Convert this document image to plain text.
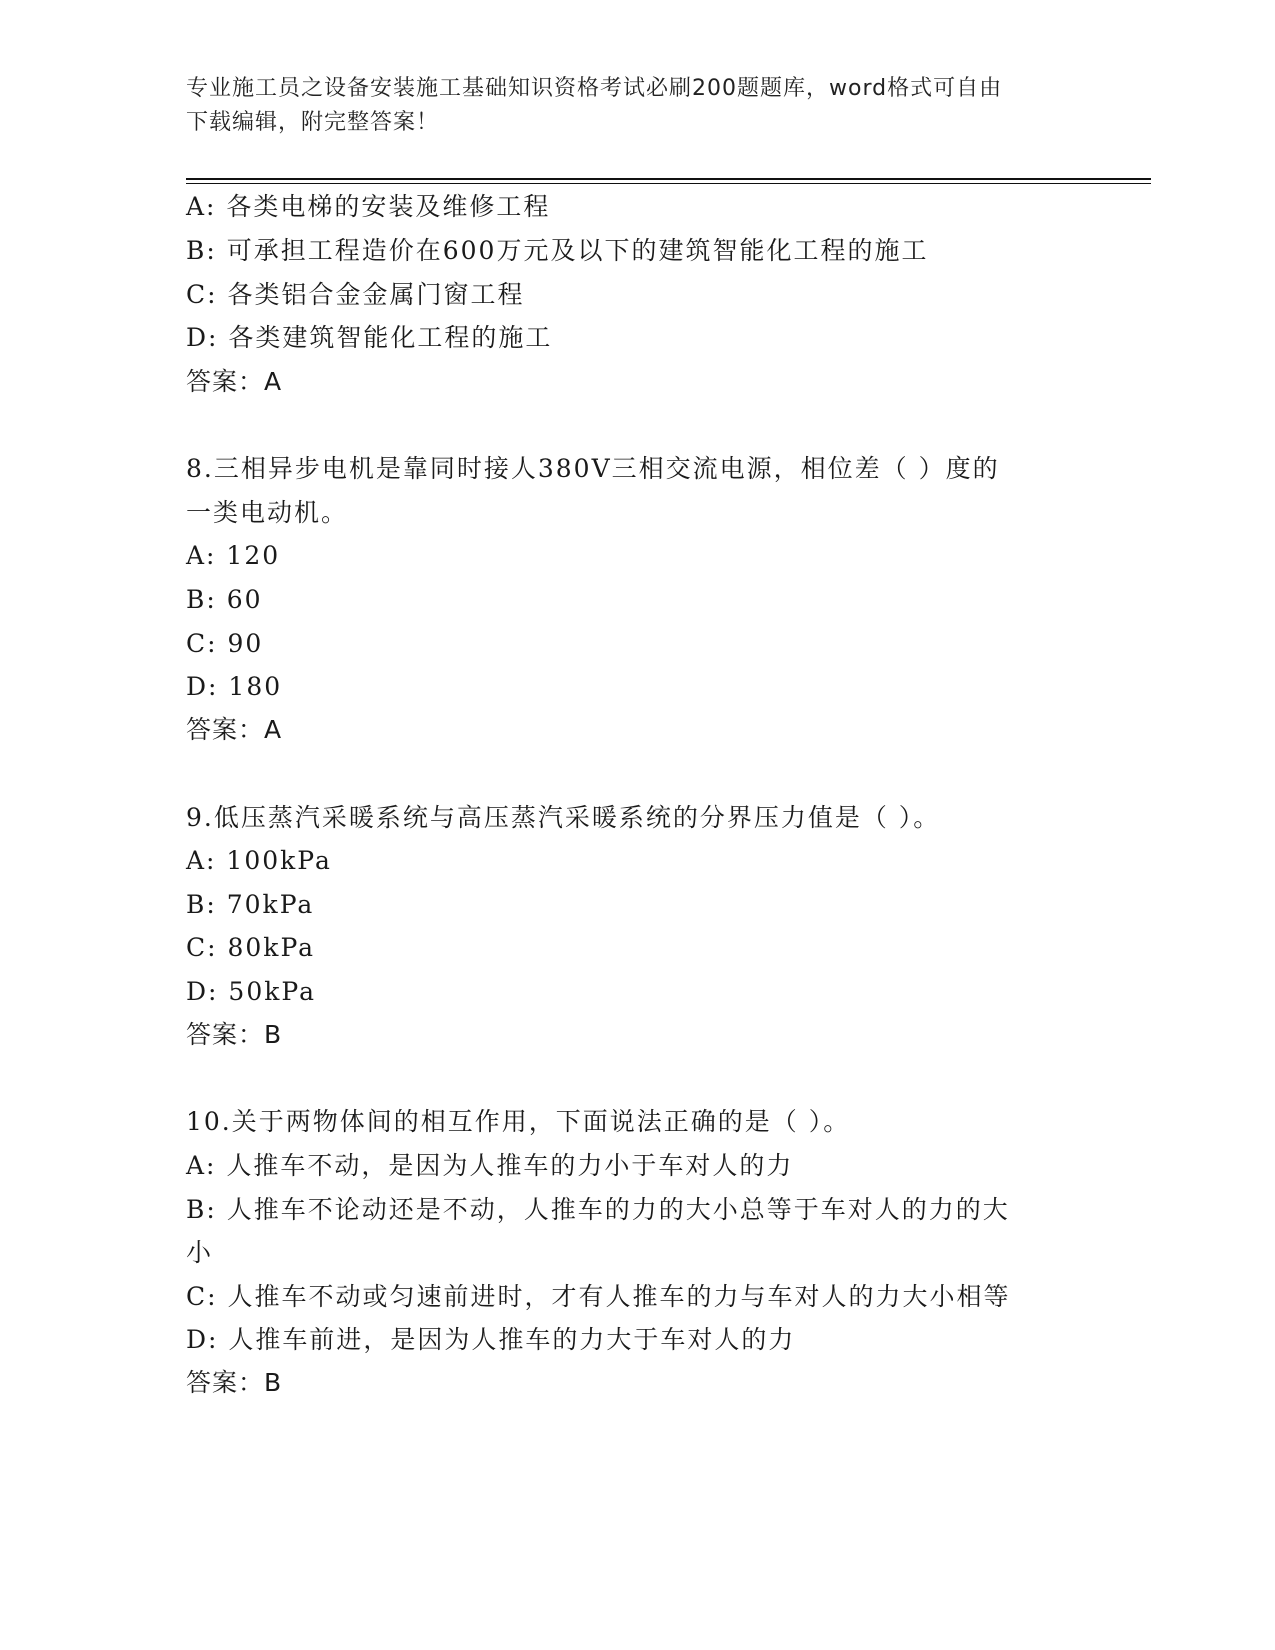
专业施工员之设备安装施工基础知识资格考试必刷200题题库，word格式可自由
下载编辑，附完整答案！
A: 各类电梯的安装及维修工程
B: 可承担工程造价在600万元及以下的建筑智能化工程的施工
C: 各类铝合金金属门窗工程
D: 各类建筑智能化工程的施工
答案：A
8.三相异步电机是靠同时接人380V三相交流电源，相位差（ ）度的
一类电动机。
A: 120
B: 60
C: 90
D: 180
答案：A
9.低压蒸汽采暖系统与高压蒸汽采暖系统的分界压力值是（ ）。
A: 100kPa
B: 70kPa
C: 80kPa
D: 50kPa
答案：B
10.关于两物体间的相互作用，下面说法正确的是（ ）。
A: 人推车不动，是因为人推车的力小于车对人的力
B: 人推车不论动还是不动，人推车的力的大小总等于车对人的力的大
小
C: 人推车不动或匀速前进时，才有人推车的力与车对人的力大小相等
D: 人推车前进，是因为人推车的力大于车对人的力
答案：B
